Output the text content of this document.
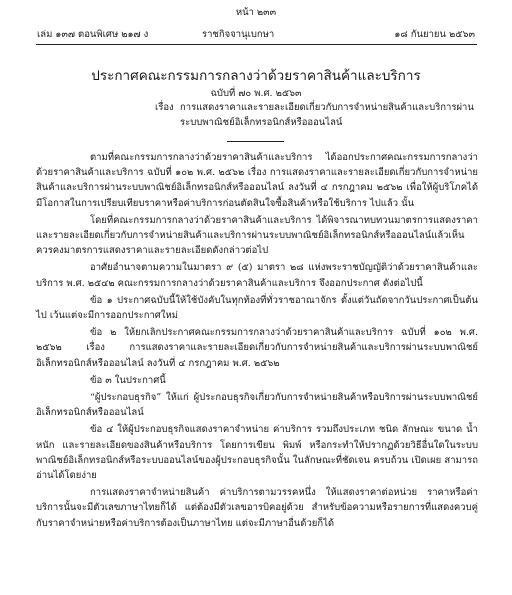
หน้า ๒๓๓
เล่ม ๑๓๗ ตอนพิเศษ ๒๑๗ ง	ราชกิจจานุเบกษา	๑๘ กันยายน ๒๕๖๓
ประกาศคณะกรรมการกลางว่าด้วยราคาสินค้าและบริการ
ฉบับที่ ๗๐ พ.ศ. ๒๕๖๓
เรื่อง การแสดงราคาและรายละเอียดเกี่ยวกับการจำหน่ายสินค้าและบริการผ่านระบบพาณิชย์อิเล็กทรอนิกส์หรือออนไลน์

ตามที่คณะกรรมการกลางว่าด้วยราคาสินค้าและบริการ ได้ออกประกาศคณะกรรมการกลางว่าด้วยราคาสินค้าและบริการ ฉบับที่ ๑๐๒ พ.ศ. ๒๕๖๒ เรื่อง การแสดงราคาและรายละเอียดเกี่ยวกับการจำหน่ายสินค้าและบริการผ่านระบบพาณิชย์อิเล็กทรอนิกส์หรือออนไลน์ ลงวันที่ ๔ กรกฎาคม ๒๕๖๒ เพื่อให้ผู้บริโภคได้มีโอกาสในการเปรียบเทียบราคาหรือค่าบริการก่อนตัดสินใจซื้อสินค้าหรือใช้บริการ ไปแล้ว นั้น

โดยที่คณะกรรมการกลางว่าด้วยราคาสินค้าและบริการ ได้พิจารณาทบทวนมาตรการแสดงราคาและรายละเอียดเกี่ยวกับการจำหน่ายสินค้าและบริการผ่านระบบพาณิชย์อิเล็กทรอนิกส์หรือออนไลน์แล้วเห็นควรคงมาตรการแสดงราคาและรายละเอียดดังกล่าวต่อไป

อาศัยอำนาจตามความในมาตรา ๙ (๕) มาตรา ๒๘ แห่งพระราชบัญญัติว่าด้วยราคาสินค้าและบริการ พ.ศ. ๒๕๔๒ คณะกรรมการกลางว่าด้วยราคาสินค้าและบริการ จึงออกประกาศ ดังต่อไปนี้

ข้อ ๑ ประกาศฉบับนี้ให้ใช้บังคับในทุกท้องที่ทั่วราชอาณาจักร ตั้งแต่วันถัดจากวันประกาศเป็นต้นไป เว้นแต่จะมีการออกประกาศใหม่

ข้อ ๒ ให้ยกเลิกประกาศคณะกรรมการกลางว่าด้วยราคาสินค้าและบริการ ฉบับที่ ๑๐๒ พ.ศ. ๒๕๖๒ เรื่อง การแสดงราคาและรายละเอียดเกี่ยวกับการจำหน่ายสินค้าและบริการผ่านระบบพาณิชย์อิเล็กทรอนิกส์หรือออนไลน์ ลงวันที่ ๔ กรกฎาคม พ.ศ. ๒๕๖๒

ข้อ ๓ ในประกาศนี้

“ผู้ประกอบธุรกิจ” ให้แก่ ผู้ประกอบธุรกิจเกี่ยวกับการจำหน่ายสินค้าหรือบริการผ่านระบบพาณิชย์อิเล็กทรอนิกส์หรือออนไลน์

ข้อ ๔ ให้ผู้ประกอบธุรกิจแสดงราคาจำหน่าย ค่าบริการ รวมถึงประเภท ชนิด ลักษณะ ขนาด น้ำหนัก และรายละเอียดของสินค้าหรือบริการ โดยการเขียน พิมพ์ หรือกระทำให้ปรากฏด้วยวิธีอื่นใดในระบบพาณิชย์อิเล็กทรอนิกส์หรือระบบออนไลน์ของผู้ประกอบธุรกิจนั้น ในลักษณะที่ชัดเจน ครบถ้วน เปิดเผย สามารถอ่านได้โดยง่าย

การแสดงราคาจำหน่ายสินค้า ค่าบริการตามวรรคหนึ่ง ให้แสดงราคาต่อหน่วย ราคาหรือค่าบริการนั้นจะมีตัวเลขภาษาไทยก็ได้ แต่ต้องมีตัวเลขอารบิคอยู่ด้วย สำหรับข้อความหรือรายการที่แสดงควบคู่กับราคาจำหน่ายหรือค่าบริการต้องเป็นภาษาไทย แต่จะมีภาษาอื่นด้วยก็ได้
